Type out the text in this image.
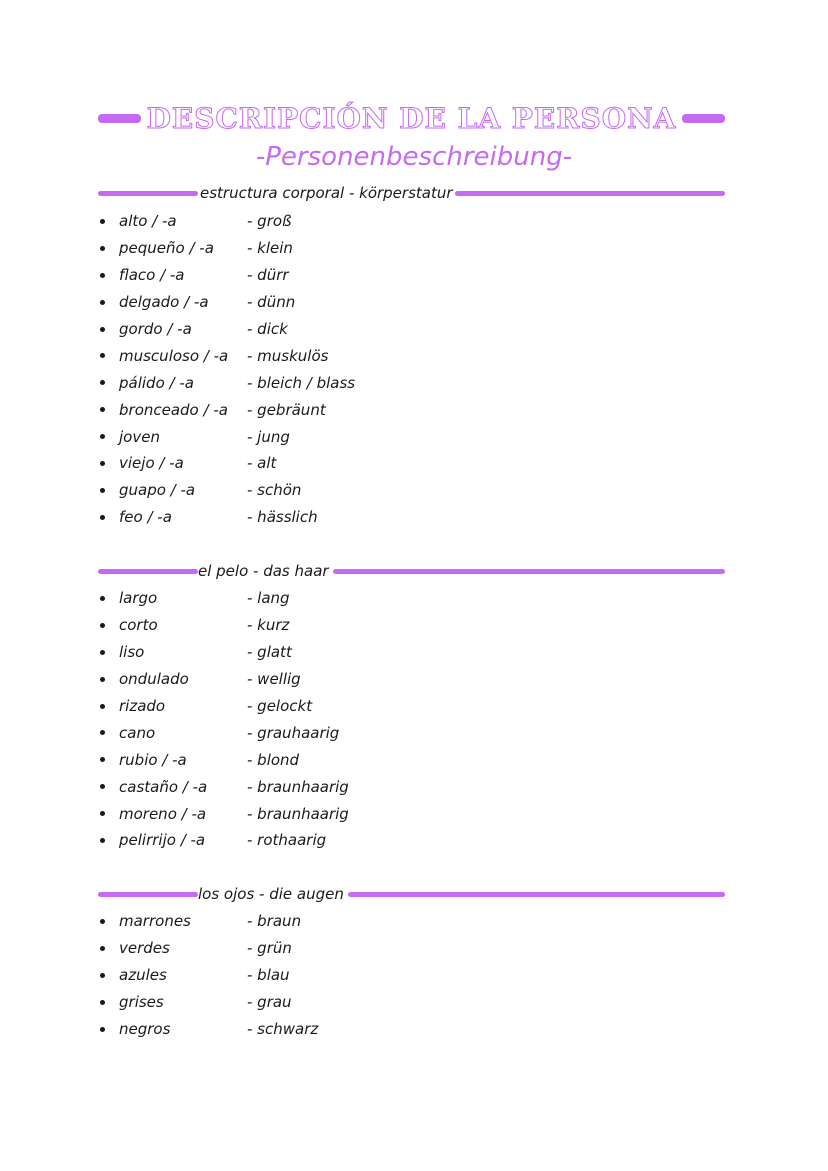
DESCRIPCIÓN DE LA PERSONA
-Personenbeschreibung-
estructura corporal - körperstatur
alto / -a	- groß
pequeño / -a	- klein
flaco / -a	- dürr
delgado / -a	- dünn
gordo / -a	- dick
musculoso / -a	- muskulös
pálido / -a	- bleich / blass
bronceado / -a	- gebräunt
joven	- jung
viejo / -a	- alt
guapo / -a	- schön
feo / -a	- hässlich
el pelo - das haar
largo	- lang
corto	- kurz
liso	- glatt
ondulado	- wellig
rizado	- gelockt
cano	- grauhaarig
rubio / -a	- blond
castaño / -a	- braunhaarig
moreno / -a	- braunhaarig
pelirrijo / -a	- rothaarig
los ojos - die augen
marrones	- braun
verdes	- grün
azules	- blau
grises	- grau
negros	- schwarz
